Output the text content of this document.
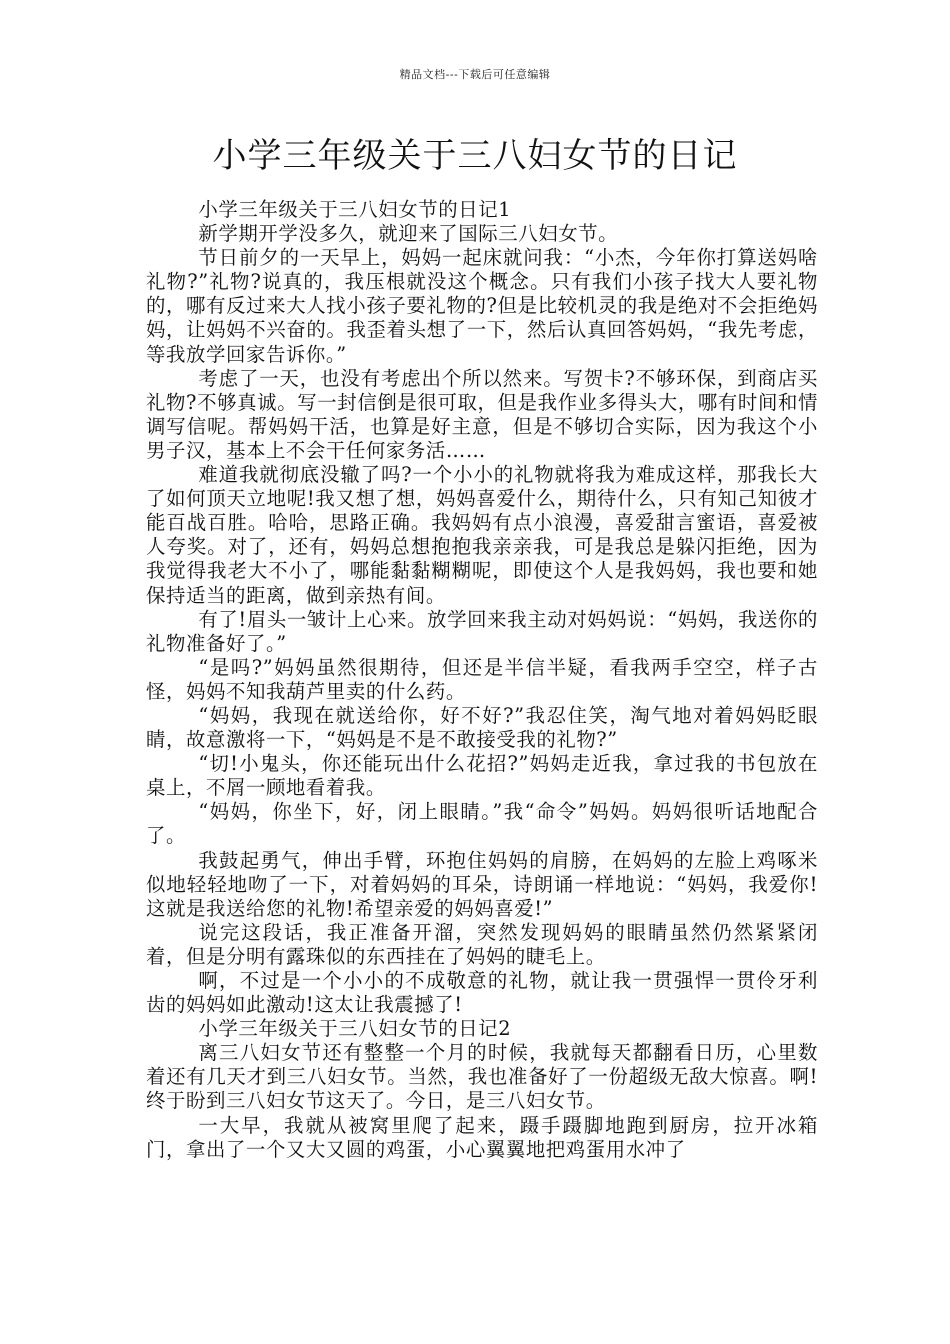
精品文档---下载后可任意编辑
小学三年级关于三八妇女节的日记

小学三年级关于三八妇女节的日记1

新学期开学没多久，就迎来了国际三八妇女节。

节日前夕的一天早上，妈妈一起床就问我：“小杰，今年你打算送妈啥礼物?”礼物?说真的，我压根就没这个概念。只有我们小孩子找大人要礼物的，哪有反过来大人找小孩子要礼物的?但是比较机灵的我是绝对不会拒绝妈妈，让妈妈不兴奋的。我歪着头想了一下，然后认真回答妈妈，“我先考虑，等我放学回家告诉你。”

考虑了一天，也没有考虑出个所以然来。写贺卡?不够环保，到商店买礼物?不够真诚。写一封信倒是很可取，但是我作业多得头大，哪有时间和情调写信呢。帮妈妈干活，也算是好主意，但是不够切合实际，因为我这个小男子汉，基本上不会干任何家务活……

难道我就彻底没辙了吗?一个小小的礼物就将我为难成这样，那我长大了如何顶天立地呢!我又想了想，妈妈喜爱什么，期待什么，只有知己知彼才能百战百胜。哈哈，思路正确。我妈妈有点小浪漫，喜爱甜言蜜语，喜爱被人夸奖。对了，还有，妈妈总想抱抱我亲亲我，可是我总是躲闪拒绝，因为我觉得我老大不小了，哪能黏黏糊糊呢，即使这个人是我妈妈，我也要和她保持适当的距离，做到亲热有间。

有了!眉头一皱计上心来。放学回来我主动对妈妈说：“妈妈，我送你的礼物准备好了。”

“是吗?”妈妈虽然很期待，但还是半信半疑，看我两手空空，样子古怪，妈妈不知我葫芦里卖的什么药。

“妈妈，我现在就送给你，好不好?”我忍住笑，淘气地对着妈妈眨眼睛，故意激将一下，“妈妈是不是不敢接受我的礼物?”

“切!小鬼头，你还能玩出什么花招?”妈妈走近我，拿过我的书包放在桌上，不屑一顾地看着我。

“妈妈，你坐下，好，闭上眼睛。”我“命令”妈妈。妈妈很听话地配合了。

我鼓起勇气，伸出手臂，环抱住妈妈的肩膀，在妈妈的左脸上鸡啄米似地轻轻地吻了一下，对着妈妈的耳朵，诗朗诵一样地说：“妈妈，我爱你!这就是我送给您的礼物!希望亲爱的妈妈喜爱!”

说完这段话，我正准备开溜，突然发现妈妈的眼睛虽然仍然紧紧闭着，但是分明有露珠似的东西挂在了妈妈的睫毛上。

啊，不过是一个小小的不成敬意的礼物，就让我一贯强悍一贯伶牙利齿的妈妈如此激动!这太让我震撼了!

小学三年级关于三八妇女节的日记2

离三八妇女节还有整整一个月的时候，我就每天都翻看日历，心里数着还有几天才到三八妇女节。当然，我也准备好了一份超级无敌大惊喜。啊!终于盼到三八妇女节这天了。今日，是三八妇女节。

一大早，我就从被窝里爬了起来，蹑手蹑脚地跑到厨房，拉开冰箱门，拿出了一个又大又圆的鸡蛋，小心翼翼地把鸡蛋用水冲了
